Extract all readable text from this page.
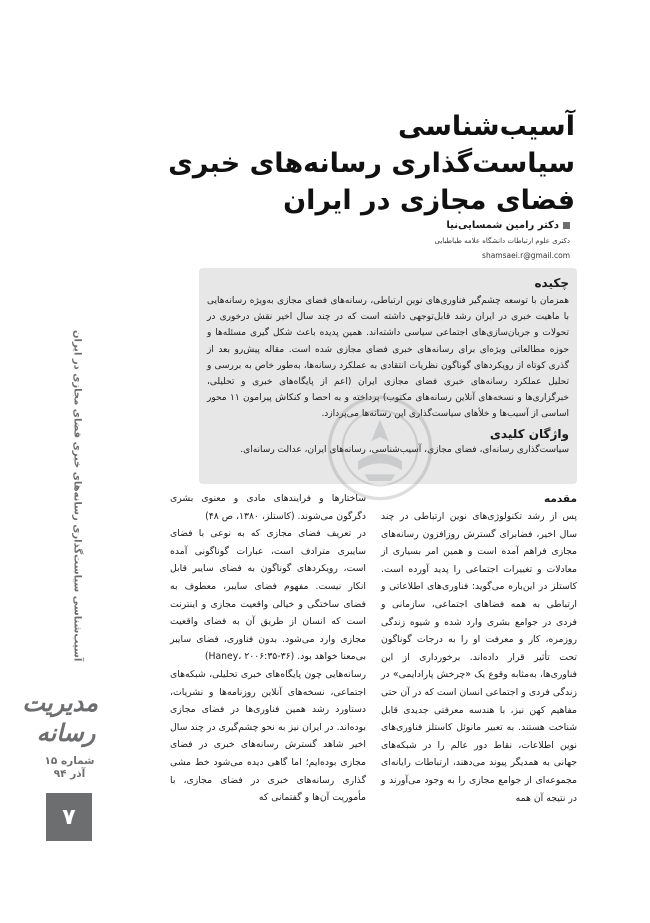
آسیب‌شناسی
سیاست‌گذاری رسانه‌های خبری
فضای مجازی در ایران
دکتر رامین شمسایی‌نیا
دکتری علوم ارتباطات دانشگاه علامه طباطبایی
shamsaei.r@gmail.com
چکیده
همزمان با توسعه چشم‌گیر فناوری‌های نوین ارتباطی، رسانه‌های فضای مجازی به‌ویژه رسانه‌هایی با ماهیت خبری در ایران رشد قابل‌توجهی داشته است که در چند سال اخیر نقش درخوری در تحولات و جریان‌سازی‌های اجتماعی سیاسی داشته‌اند. همین پدیده باعث شکل گیری مسئله‌ها و حوزه مطالعاتی ویژه‌ای برای رسانه‌های خبری فضای مجازی شده است. مقاله پیش‌رو بعد از گذری کوتاه از رویکردهای گوناگون نظریات انتقادی به عملکرد رسانه‌ها، به‌طور خاص به بررسی و تحلیل عملکرد رسانه‌های خبری فضای مجازی ایران (اعم از پایگاه‌های خبری و تحلیلی، خبرگزاری‌ها و نسخه‌های آنلاین رسانه‌های مکتوب) پرداخته و به احصا و کنکاش پیرامون ۱۱ محور اساسی از آسیب‌ها و خلأهای سیاست‌گذاری این رسانه‌ها می‌پردازد.
واژگان کلیدی
سیاست‌گذاری رسانه‌ای، فضای مجازی، آسیب‌شناسی، رسانه‌های ایران، عدالت رسانه‌ای.
آسیب‌شناسی سیاست‌گذاری رسانه‌های خبری فضای مجازی در ایران
مدیریت رسانه
شماره ۱۵
آذر ۹۴
۷
مقدمه

پس از رشد تکنولوژی‌های نوین ارتباطی در چند سال اخیر، فضابرای گسترش روزافزون رسانه‌های مجازی فراهم آمده است و همین امر بسیاری از معادلات و تغییرات اجتماعی را پدید آورده است. کاستلز در این‌باره می‌گوید: فناوری‌های اطلاعاتی و ارتباطی به همه فضاهای اجتماعی، سازمانی و فردی در جوامع بشری وارد شده و شیوه زندگی روزمره، کار و معرفت او را به درجات گوناگون تحت تأثیر قرار داده‌اند. برخورداری از این فناوری‌ها، به‌مثابه وقوع یک «چرخش پارادایمی» در زندگی فردی و اجتماعی انسان است که در آن حتی مفاهیم کهن نیز، با هندسه معرفتی جدیدی قابل شناخت هستند. به تعبیر مانوئل کاستلز فناوری‌های نوین اطلاعات، نقاط دور عالم را در شبکه‌های جهانی به همدیگر پیوند می‌دهند، ارتباطات رایانه‌ای مجموعه‌ای از جوامع مجازی را به وجود می‌آورند و در نتیجه آن همه

ساختارها و فرایندهای مادی و معنوی بشری دگرگون می‌شوند. (کاستلز، ۱۳۸۰، ص ۴۸)

در تعریف فضای مجازی که به نوعی با فضای سایبری مترادف است، عبارات گوناگونی آمده است، رویکردهای گوناگون به فضای سایبر قابل انکار نیست. مفهوم فضای سایبر، معطوف به فضای ساختگی و خیالی واقعیت مجازی و اینترنت است که انسان از طریق آن به فضای واقعیت مجازی وارد می‌شود. بدون فناوری، فضای سایبر بی‌معنا خواهد بود. (Haney، ۲۰۰۶:۳۵-۳۶)

رسانه‌هایی چون پایگاه‌های خبری تحلیلی، شبکه‌های اجتماعی، نسخه‌های آنلاین روزنامه‌ها و نشریات، دستاورد رشد همین فناوری‌ها در فضای مجازی بوده‌اند. در ایران نیز به نحو چشم‌گیری در چند سال اخیر شاهد گسترش رسانه‌های خبری در فضای مجازی بوده‌ایم؛ اما گاهی دیده می‌شود خط مشی گذاری رسانه‌های خبری در فضای مجازی، با مأموریت آن‌ها و گفتمانی که
